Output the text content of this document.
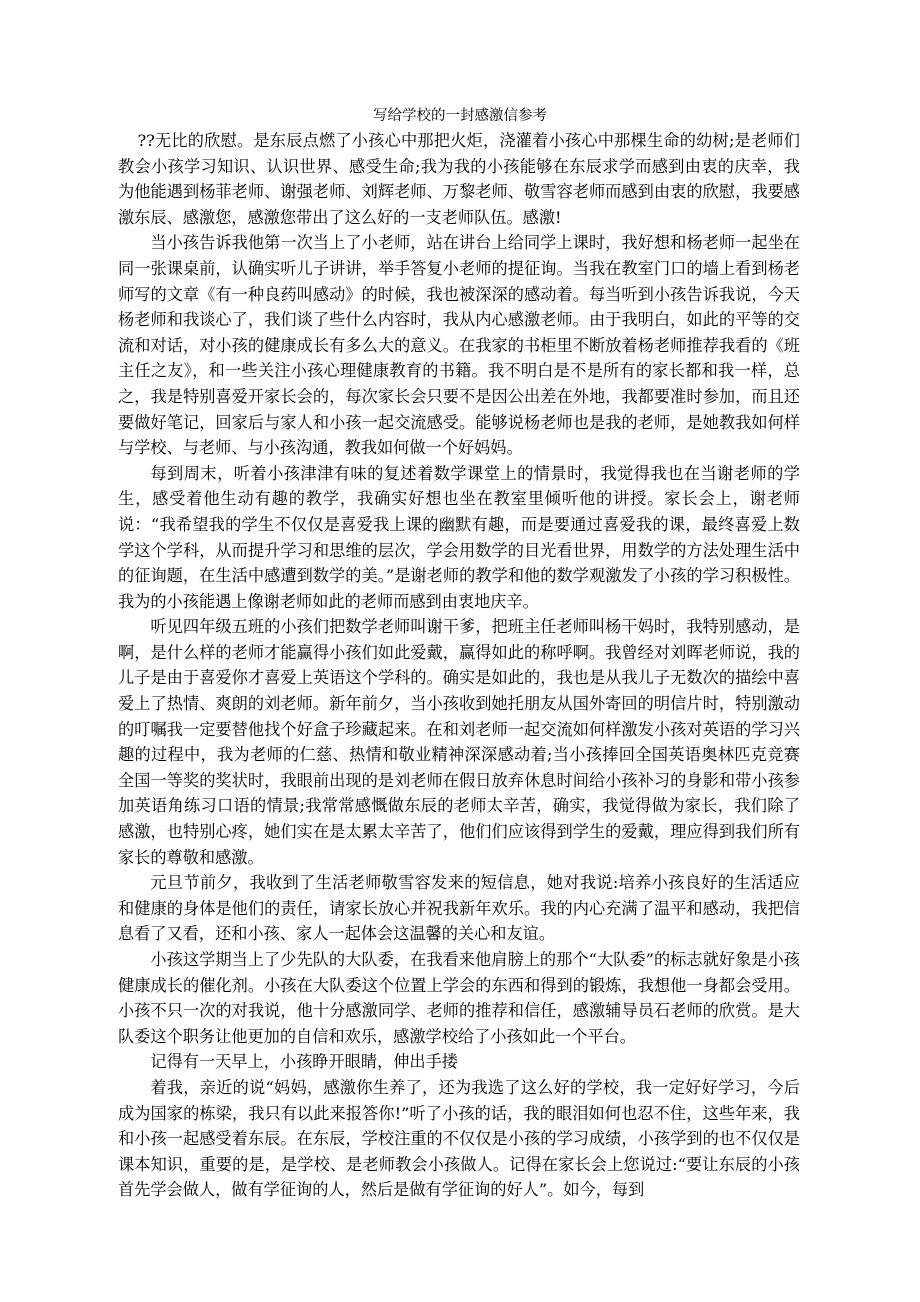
写给学校的一封感激信参考

??无比的欣慰。是东辰点燃了小孩心中那把火炬，浇灌着小孩心中那棵生命的幼树;是老师们教会小孩学习知识、认识世界、感受生命;我为我的小孩能够在东辰求学而感到由衷的庆幸，我为他能遇到杨菲老师、谢强老师、刘辉老师、万黎老师、敬雪容老师而感到由衷的欣慰，我要感激东辰、感激您，感激您带出了这么好的一支老师队伍。感激!

当小孩告诉我他第一次当上了小老师，站在讲台上给同学上课时，我好想和杨老师一起坐在同一张课桌前，认确实听儿子讲讲，举手答复小老师的提征询。当我在教室门口的墙上看到杨老师写的文章《有一种良药叫感动》的时候，我也被深深的感动着。每当听到小孩告诉我说，今天杨老师和我谈心了，我们谈了些什么内容时，我从内心感激老师。由于我明白，如此的平等的交流和对话，对小孩的健康成长有多么大的意义。在我家的书柜里不断放着杨老师推荐我看的《班主任之友》，和一些关注小孩心理健康教育的书籍。我不明白是不是所有的家长都和我一样，总之，我是特别喜爱开家长会的，每次家长会只要不是因公出差在外地，我都要准时参加，而且还要做好笔记，回家后与家人和小孩一起交流感受。能够说杨老师也是我的老师，是她教我如何样与学校、与老师、与小孩沟通，教我如何做一个好妈妈。

每到周末，听着小孩津津有味的复述着数学课堂上的情景时，我觉得我也在当谢老师的学生，感受着他生动有趣的教学，我确实好想也坐在教室里倾听他的讲授。家长会上，谢老师说：“我希望我的学生不仅仅是喜爱我上课的幽默有趣，而是要通过喜爱我的课，最终喜爱上数学这个学科，从而提升学习和思维的层次，学会用数学的目光看世界，用数学的方法处理生活中的征询题，在生活中感遭到数学的美。”是谢老师的教学和他的数学观激发了小孩的学习积极性。我为的小孩能遇上像谢老师如此的老师而感到由衷地庆辛。

听见四年级五班的小孩们把数学老师叫谢干爹，把班主任老师叫杨干妈时，我特别感动，是啊，是什么样的老师才能赢得小孩们如此爱戴，赢得如此的称呼啊。我曾经对刘晖老师说，我的儿子是由于喜爱你才喜爱上英语这个学科的。确实是如此的，我也是从我儿子无数次的描绘中喜爱上了热情、爽朗的刘老师。新年前夕，当小孩收到她托朋友从国外寄回的明信片时，特别激动的叮嘱我一定要替他找个好盒子珍藏起来。在和刘老师一起交流如何样激发小孩对英语的学习兴趣的过程中，我为老师的仁慈、热情和敬业精神深深感动着;当小孩捧回全国英语奥林匹克竞赛全国一等奖的奖状时，我眼前出现的是刘老师在假日放弃休息时间给小孩补习的身影和带小孩参加英语角练习口语的情景;我常常感慨做东辰的老师太辛苦，确实，我觉得做为家长，我们除了感激，也特别心疼，她们实在是太累太辛苦了，他们们应该得到学生的爱戴，理应得到我们所有家长的尊敬和感激。

元旦节前夕，我收到了生活老师敬雪容发来的短信息，她对我说:培养小孩良好的生活适应和健康的身体是他们的责任，请家长放心并祝我新年欢乐。我的内心充满了温平和感动，我把信息看了又看，还和小孩、家人一起体会这温馨的关心和友谊。

小孩这学期当上了少先队的大队委，在我看来他肩膀上的那个“大队委”的标志就好象是小孩健康成长的催化剂。小孩在大队委这个位置上学会的东西和得到的锻炼，我想他一身都会受用。小孩不只一次的对我说，他十分感激同学、老师的推荐和信任，感激辅导员石老师的欣赏。是大队委这个职务让他更加的自信和欢乐，感激学校给了小孩如此一个平台。

记得有一天早上，小孩睁开眼睛，伸出手搂

着我，亲近的说“妈妈，感激你生养了，还为我选了这么好的学校，我一定好好学习，今后成为国家的栋梁，我只有以此来报答你!”听了小孩的话，我的眼泪如何也忍不住，这些年来，我和小孩一起感受着东辰。在东辰，学校注重的不仅仅是小孩的学习成绩，小孩学到的也不仅仅是课本知识，重要的是，是学校、是老师教会小孩做人。记得在家长会上您说过:“要让东辰的小孩首先学会做人，做有学征询的人，然后是做有学征询的好人”。如今，每到
